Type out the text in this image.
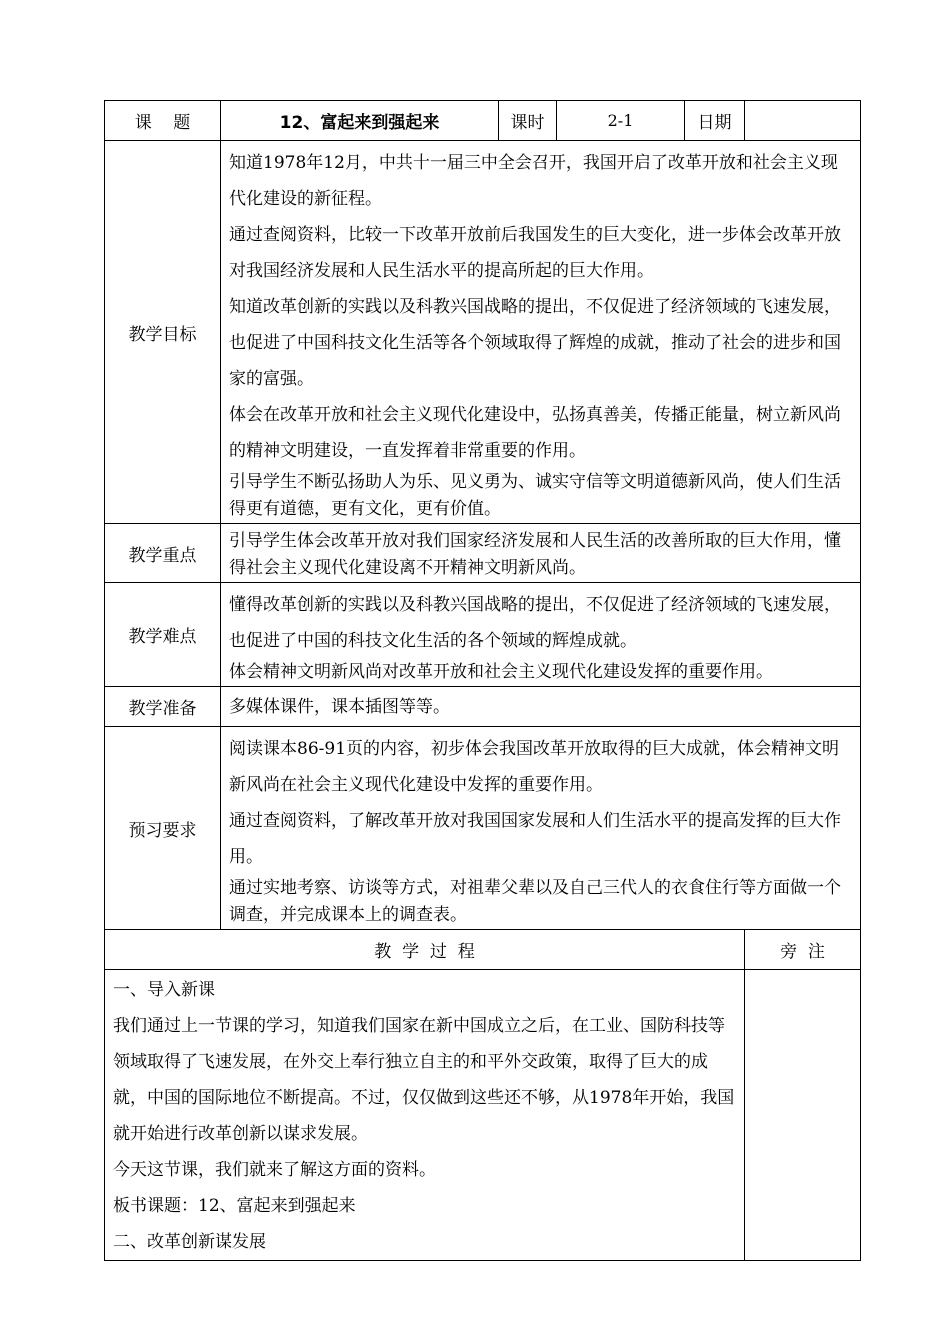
课    题	12、富起来到强起来	课时	2-1	日期	
教学目标	知道1978年12月，中共十一届三中全会召开，我国开启了改革开放和社会主义现代化建设的新征程。

通过查阅资料，比较一下改革开放前后我国发生的巨大变化，进一步体会改革开放对我国经济发展和人民生活水平的提高所起的巨大作用。

知道改革创新的实践以及科教兴国战略的提出，不仅促进了经济领域的飞速发展，也促进了中国科技文化生活等各个领域取得了辉煌的成就，推动了社会的进步和国家的富强。

体会在改革开放和社会主义现代化建设中，弘扬真善美，传播正能量，树立新风尚的精神文明建设，一直发挥着非常重要的作用。

引导学生不断弘扬助人为乐、见义勇为、诚实守信等文明道德新风尚，使人们生活得更有道德，更有文化，更有价值。				

教学重点	引导学生体会改革开放对我们国家经济发展和人民生活的改善所取的巨大作用，懂得社会主义现代化建设离不开精神文明新风尚。				

教学难点	懂得改革创新的实践以及科教兴国战略的提出，不仅促进了经济领域的飞速发展，也促进了中国的科技文化生活的各个领域的辉煌成就。

体会精神文明新风尚对改革开放和社会主义现代化建设发挥的重要作用。				

教学准备	多媒体课件，课本插图等等。				

预习要求	阅读课本86-91页的内容，初步体会我国改革开放取得的巨大成就，体会精神文明新风尚在社会主义现代化建设中发挥的重要作用。

通过查阅资料，了解改革开放对我国国家发展和人们生活水平的提高发挥的巨大作用。

通过实地考察、访谈等方式，对祖辈父辈以及自己三代人的衣食住行等方面做一个调查，并完成课本上的调查表。				

教  学  过  程					旁  注

一、导入新课

我们通过上一节课的学习，知道我们国家在新中国成立之后，在工业、国防科技等领域取得了飞速发展，在外交上奉行独立自主的和平外交政策，取得了巨大的成就，中国的国际地位不断提高。不过，仅仅做到这些还不够，从1978年开始，我国就开始进行改革创新以谋求发展。

今天这节课，我们就来了解这方面的资料。

板书课题：12、富起来到强起来

二、改革创新谋发展					
